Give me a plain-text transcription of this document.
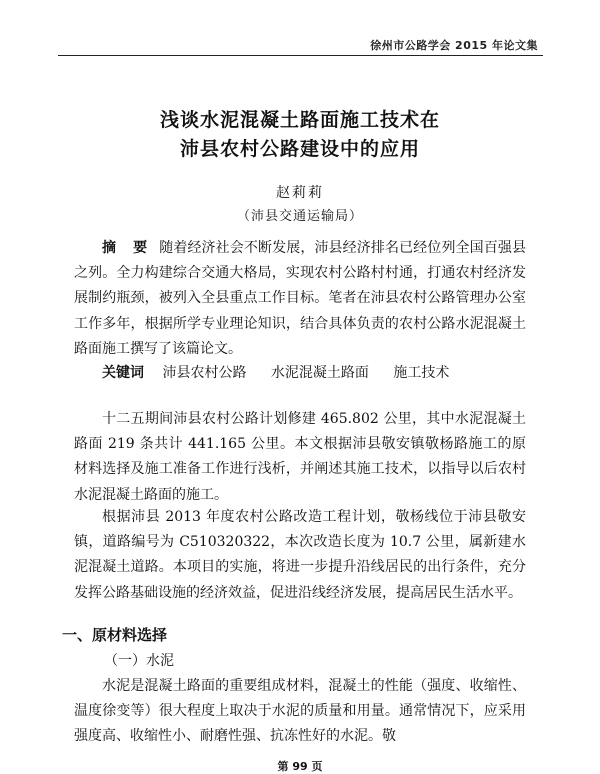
徐州市公路学会 2015 年论文集
浅谈水泥混凝土路面施工技术在
沛县农村公路建设中的应用
赵莉莉
（沛县交通运输局）

摘 要 随着经济社会不断发展，沛县经济排名已经位列全国百强县之列。全力构建综合交通大格局，实现农村公路村村通，打通农村经济发展制约瓶颈，被列入全县重点工作目标。笔者在沛县农村公路管理办公室工作多年，根据所学专业理论知识，结合具体负责的农村公路水泥混凝土路面施工撰写了该篇论文。

关键词 沛县农村公路 水泥混凝土路面 施工技术

十二五期间沛县农村公路计划修建 465.802 公里，其中水泥混凝土路面 219 条共计 441.165 公里。本文根据沛县敬安镇敬杨路施工的原材料选择及施工准备工作进行浅析，并阐述其施工技术，以指导以后农村水泥混凝土路面的施工。

根据沛县 2013 年度农村公路改造工程计划，敬杨线位于沛县敬安镇，道路编号为 C510320322，本次改造长度为 10.7 公里，属新建水泥混凝土道路。本项目的实施，将进一步提升沿线居民的出行条件，充分发挥公路基础设施的经济效益，促进沿线经济发展，提高居民生活水平。

一、原材料选择
（一）水泥

水泥是混凝土路面的重要组成材料，混凝土的性能（强度、收缩性、温度徐变等）很大程度上取决于水泥的质量和用量。通常情况下，应采用强度高、收缩性小、耐磨性强、抗冻性好的水泥。敬

第 99 页
